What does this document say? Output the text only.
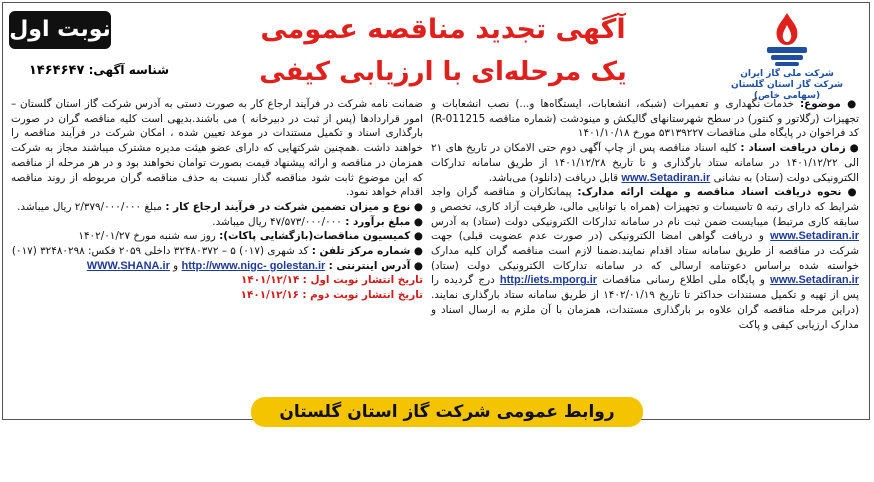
نوبت اول
شناسه آگهی: ۱۴۶۴۶۴۷
آگهی تجدید مناقصه عمومی
یک مرحله‌ای با ارزیابی کیفی	شرکت ملی گاز ایران
شرکت گاز استان گلستان (سهامی خاص)

● موضوع: خدمات نگهداری و تعمیرات (شبکه، انشعابات، ایستگاه‌ها و...) نصب انشعابات و تجهیزات (رگلاتور و کنتور) در سطح شهرستانهای گالیکش و مینودشت (شماره مناقصه R-011215) کد فراخوان در پایگاه ملی مناقصات ۵۳۱۳۹۲۲۷ مورخ ۱۴۰۱/۱۰/۱۸

● زمان دریافت اسناد : کلیه اسناد مناقصه پس از چاپ آگهی دوم حتی الامکان در تاریخ های ۲۱ الی ۱۴۰۱/۱۲/۲۲ در سامانه ستاد بارگذاری و تا تاریخ ۱۴۰۱/۱۲/۲۸ از طریق سامانه تدارکات الکترونیکی دولت (ستاد) به نشانی www.Setadiran.ir قابل دریافت (دانلود) می‌باشد.

● نحوه دریافت اسناد مناقصه و مهلت ارائه مدارک: پیمانکاران و مناقصه گران واجد شرایط که دارای رتبه ۵ تاسیسات و تجهیزات (همراه با توانایی مالی، ظرفیت آزاد کاری، تخصص و سابقه کاری مرتبط) میبایست ضمن ثبت نام در سامانه تدارکات الکترونیکی دولت (ستاد) به آدرس www.Setadiran.ir و دریافت گواهی امضا الکترونیکی (در صورت عدم عضویت قبلی) جهت شرکت در مناقصه از طریق سامانه ستاد اقدام نمایند.ضمنا لازم است مناقصه گران کلیه مدارک خواسته شده براساس دعوتنامه ارسالی که در سامانه تدارکات الکترونیکی دولت (ستاد) www.Setadiran.ir و پایگاه ملی اطلاع رسانی مناقصات http://iets.mporg.ir درج گردیده را پس از تهیه و تکمیل مستندات حداکثر تا تاریخ ۱۴۰۲/۰۱/۱۹ از طریق سامانه ستاد بارگذاری نمایند. (دراین مرحله مناقصه گران علاوه بر بارگذاری مستندات، همزمان با آن ملزم به ارسال اسناد و مدارک ارزیابی کیفی و پاکت

ضمانت نامه شرکت در فرآیند ارجاع کار به صورت دستی به آدرس شرکت گاز استان گلستان – امور قراردادها (پس از ثبت در دبیرخانه ) می باشند.بدیهی است کلیه مناقصه گران در صورت بارگذاری اسناد و تکمیل مستندات در موعد تعیین شده ، امکان شرکت در فرآیند مناقصه را خواهند داشت .همچنین شرکتهایی که دارای عضو هیئت مدیره مشترک میباشند مجاز به شرکت همزمان در مناقصه و ارائه پیشنهاد قیمت بصورت توامان نخواهند بود و در هر مرحله از مناقصه که این موضوع ثابت شود مناقصه گذار نسبت به حذف مناقصه گران مربوطه از روند مناقصه اقدام خواهد نمود.

● نوع و میزان تضمین شرکت در فرآیند ارجاع کار : مبلغ ۲/۳۷۹/۰۰۰/۰۰۰ ریال میباشد.

● مبلغ برآورد : ۴۷/۵۷۳/۰۰۰/۰۰۰ ریال میباشد.

● کمیسیون مناقصات(بازگشایی پاکات): روز سه شنبه مورخ ۱۴۰۲/۰۱/۲۷

● شماره مرکز تلفن : کد شهری (۰۱۷) ۵ – ۳۲۴۸۰۳۷۲ داخلی ۲۰۵۹ فکس: ۳۲۴۸۰۲۹۸ (۰۱۷)

● آدرس اینترنتی : http://www.nigc- golestan.ir و WWW.SHANA.ir

تاریخ انتشار نوبت اول : ۱۴۰۱/۱۲/۱۴

تاریخ انتشار نوبت دوم : ۱۴۰۱/۱۲/۱۶

روابط عمومی شرکت گاز استان گلستان
